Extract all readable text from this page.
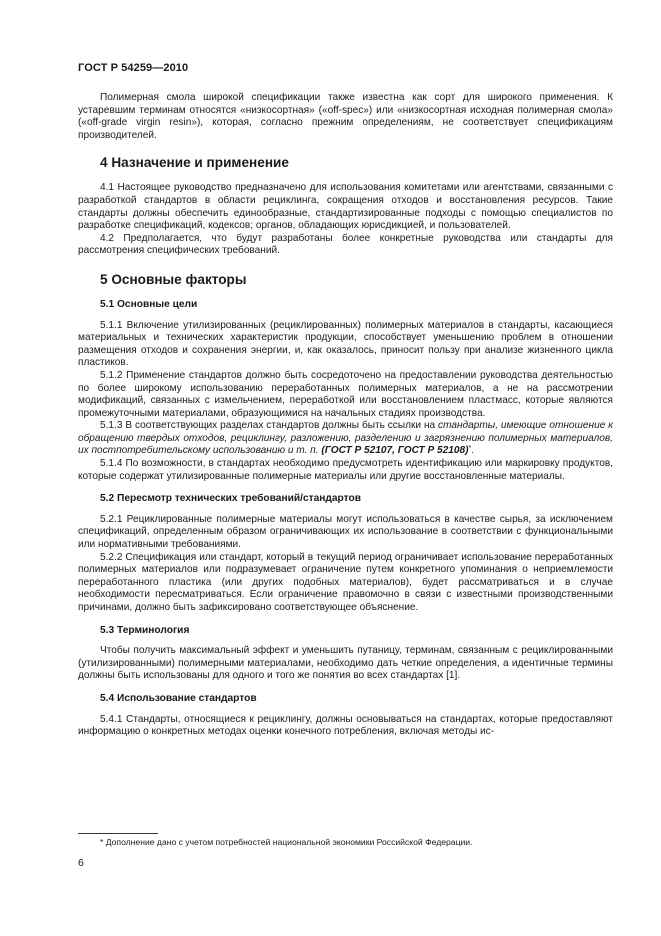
ГОСТ Р 54259—2010

Полимерная смола широкой спецификации также известна как сорт для широкого применения. К устаревшим терминам относятся «низкосортная» («off-spec») или «низкосортная исходная полимерная смола» («off-grade virgin resin»), которая, согласно прежним определениям, не соответствует спецификациям производителей.

4 Назначение и применение

4.1 Настоящее руководство предназначено для использования комитетами или агентствами, связанными с разработкой стандартов в области рециклинга, сокращения отходов и восстановления ресурсов. Такие стандарты должны обеспечить единообразные, стандартизированные подходы с помощью специалистов по разработке спецификаций, кодексов; органов, обладающих юрисдикцией, и пользователей.

4.2 Предполагается, что будут разработаны более конкретные руководства или стандарты для рассмотрения специфических требований.

5 Основные факторы
5.1 Основные цели

5.1.1 Включение утилизированных (рециклированных) полимерных материалов в стандарты, касающиеся материальных и технических характеристик продукции, способствует уменьшению проблем в отношении размещения отходов и сохранения энергии, и, как оказалось, приносит пользу при анализе жизненного цикла пластиков.

5.1.2 Применение стандартов должно быть сосредоточено на предоставлении руководства деятельностью по более широкому использованию переработанных полимерных материалов, а не на рассмотрении модификаций, связанных с измельчением, переработкой или восстановлением пластмасс, которые являются промежуточными материалами, образующимися на начальных стадиях производства.

5.1.3 В соответствующих разделах стандартов должны быть ссылки на стандарты, имеющие отношение к обращению твердых отходов, рециклингу, разложению, разделению и загрязнению полимерных материалов, их постпотребительскому использованию и т. п. (ГОСТ Р 52107, ГОСТ Р 52108)*.

5.1.4 По возможности, в стандартах необходимо предусмотреть идентификацию или маркировку продуктов, которые содержат утилизированные полимерные материалы или другие восстановленные материалы.

5.2 Пересмотр технических требований/стандартов

5.2.1 Рециклированные полимерные материалы могут использоваться в качестве сырья, за исключением спецификаций, определенным образом ограничивающих их использование в соответствии с функциональными или нормативными требованиями.

5.2.2 Спецификация или стандарт, который в текущий период ограничивает использование переработанных полимерных материалов или подразумевает ограничение путем конкретного упоминания о неприемлемости переработанного пластика (или других подобных материалов), будет рассматриваться и в случае необходимости пересматриваться. Если ограничение правомочно в связи с известными производственными причинами, должно быть зафиксировано соответствующее объяснение.

5.3 Терминология

Чтобы получить максимальный эффект и уменьшить путаницу, терминам, связанным с рециклированными (утилизированными) полимерными материалами, необходимо дать четкие определения, а идентичные термины должны быть использованы для одного и того же понятия во всех стандартах [1].

5.4 Использование стандартов

5.4.1 Стандарты, относящиеся к рециклингу, должны основываться на стандартах, которые предоставляют информацию о конкретных методах оценки конечного потребления, включая методы ис-

* Дополнение дано с учетом потребностей национальной экономики Российской Федерации.
6
